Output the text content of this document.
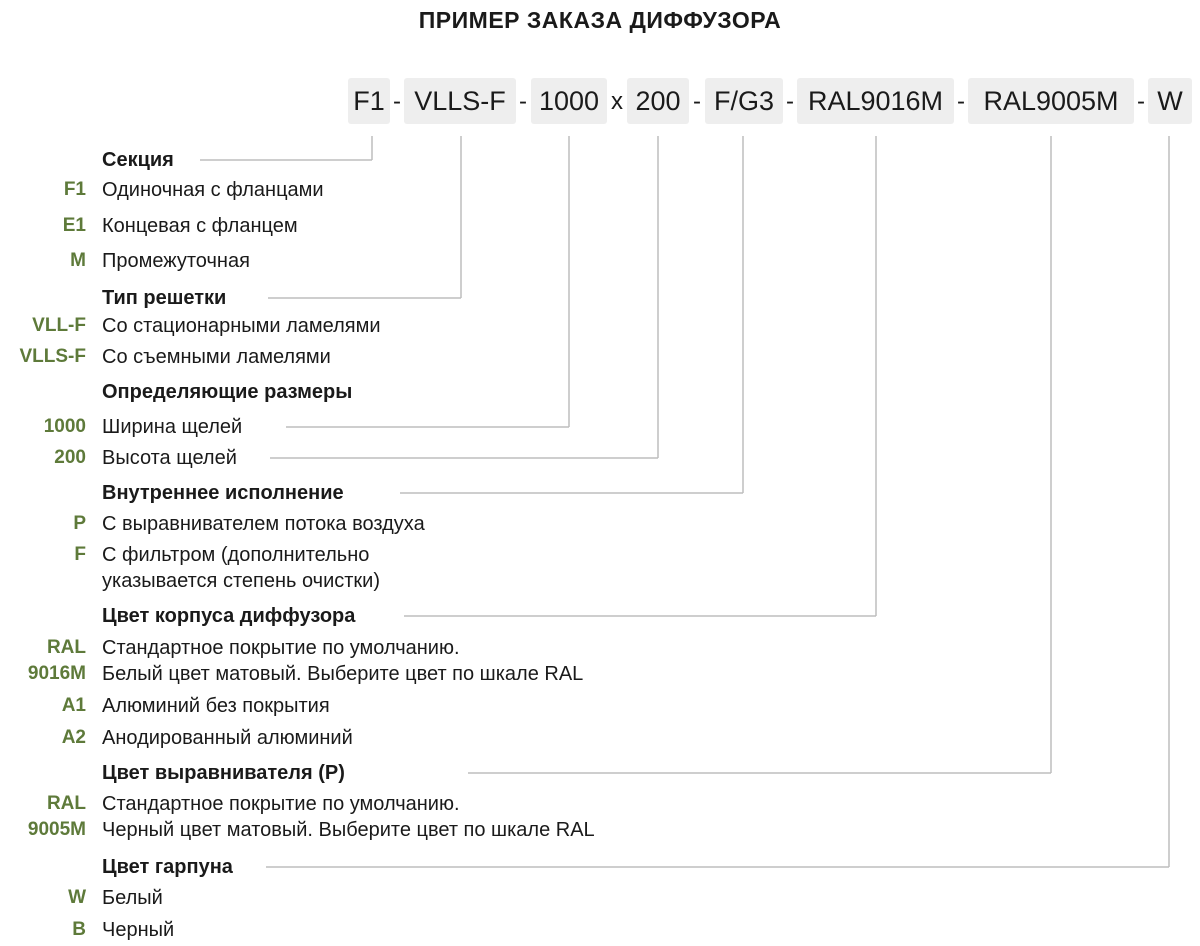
ПРИМЕР ЗАКАЗА ДИФФУЗОРА
F1 - VLLS-F - 1000 x 200 - F/G3 - RAL9016M - RAL9005M - W
Секция
F1 Одиночная с фланцами
E1 Концевая с фланцем
M Промежуточная
Тип решетки
VLL-F Со стационарными ламелями
VLLS-F Со съемными ламелями
Определяющие размеры
1000 Ширина щелей
200 Высота щелей
Внутреннее исполнение
P С выравнивателем потока воздуха
F С фильтром (дополнительно
указывается степень очистки)
Цвет корпуса диффузора
RAL Стандартное покрытие по умолчанию.
9016M Белый цвет матовый. Выберите цвет по шкале RAL
A1 Алюминий без покрытия
A2 Анодированный алюминий
Цвет выравнивателя (P)
RAL Стандартное покрытие по умолчанию.
9005M Черный цвет матовый. Выберите цвет по шкале RAL
Цвет гарпуна
W Белый
B Черный
